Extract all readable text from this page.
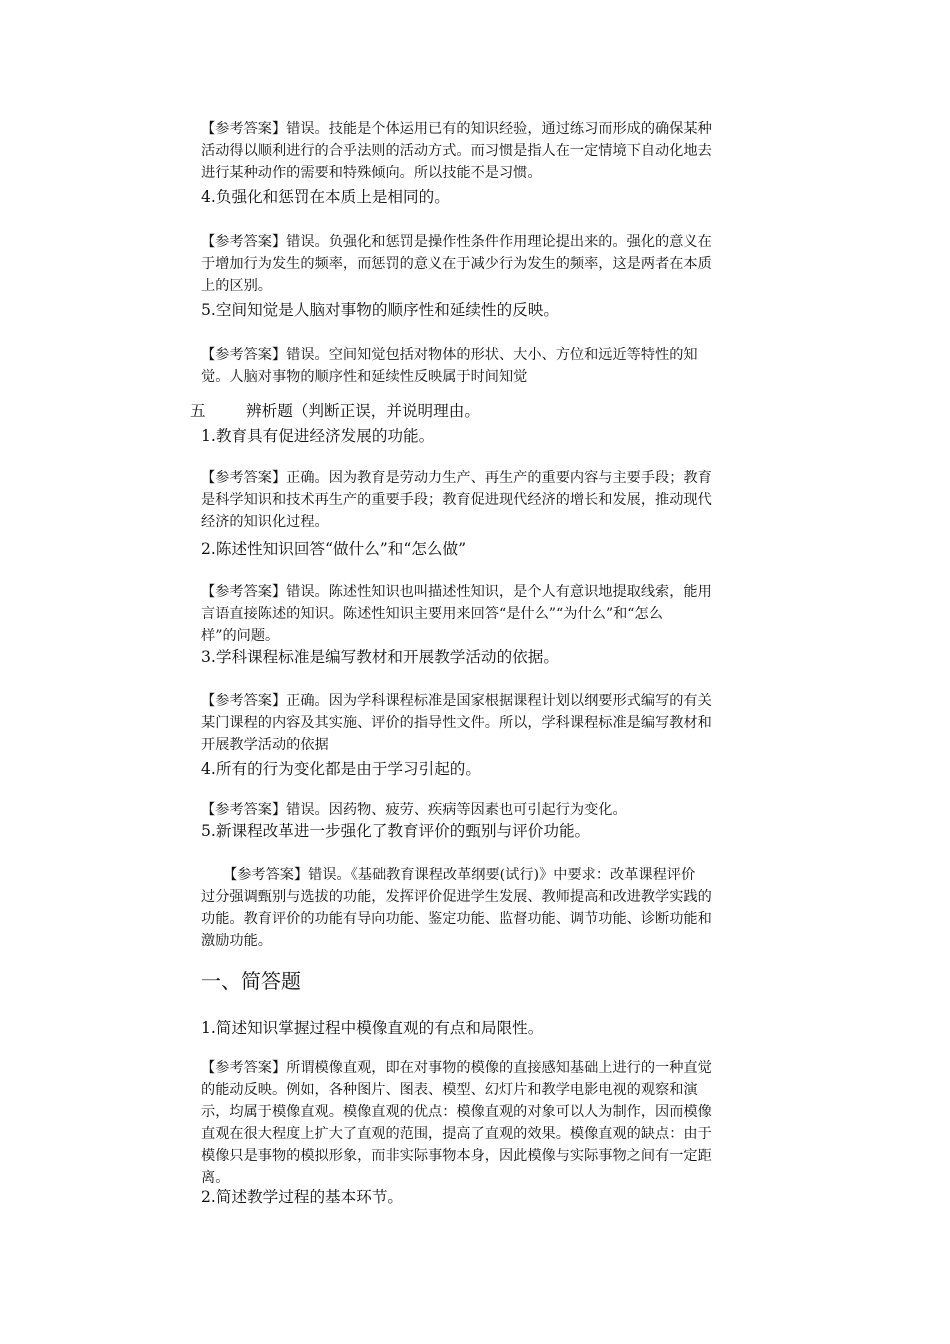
【参考答案】错误。技能是个体运用已有的知识经验，通过练习而形成的确保某种
活动得以顺利进行的合乎法则的活动方式。而习惯是指人在一定情境下自动化地去
进行某种动作的需要和特殊倾向。所以技能不是习惯。
4.负强化和惩罚在本质上是相同的。
【参考答案】错误。负强化和惩罚是操作性条件作用理论提出来的。强化的意义在
于增加行为发生的频率，而惩罚的意义在于减少行为发生的频率，这是两者在本质
上的区别。
5.空间知觉是人脑对事物的顺序性和延续性的反映。
【参考答案】错误。空间知觉包括对物体的形状、大小、方位和远近等特性的知
觉。人脑对事物的顺序性和延续性反映属于时间知觉
五	辨析题（判断正误，并说明理由。
1.教育具有促进经济发展的功能。
【参考答案】正确。因为教育是劳动力生产、再生产的重要内容与主要手段；教育
是科学知识和技术再生产的重要手段；教育促进现代经济的增长和发展，推动现代
经济的知识化过程。
2.陈述性知识回答“做什么”和“怎么做”
【参考答案】错误。陈述性知识也叫描述性知识，是个人有意识地提取线索，能用
言语直接陈述的知识。陈述性知识主要用来回答“是什么”“为什么”和“怎么
样”的问题。
3.学科课程标准是编写教材和开展教学活动的依据。
【参考答案】正确。因为学科课程标准是国家根据课程计划以纲要形式编写的有关
某门课程的内容及其实施、评价的指导性文件。所以，学科课程标准是编写教材和
开展教学活动的依据
4.所有的行为变化都是由于学习引起的。
【参考答案】错误。因药物、疲劳、疾病等因素也可引起行为变化。
5.新课程改革进一步强化了教育评价的甄别与评价功能。
【参考答案】错误。《基础教育课程改革纲要(试行)》中要求：改革课程评价
过分强调甄别与选拔的功能，发挥评价促进学生发展、教师提高和改进教学实践的
功能。教育评价的功能有导向功能、鉴定功能、监督功能、调节功能、诊断功能和
激励功能。
一、简答题
1.简述知识掌握过程中模像直观的有点和局限性。
【参考答案】所谓模像直观，即在对事物的模像的直接感知基础上进行的一种直觉
的能动反映。例如，各种图片、图表、模型、幻灯片和教学电影电视的观察和演
示，均属于模像直观。模像直观的优点：模像直观的对象可以人为制作，因而模像
直观在很大程度上扩大了直观的范围，提高了直观的效果。模像直观的缺点：由于
模像只是事物的模拟形象，而非实际事物本身，因此模像与实际事物之间有一定距
离。
2.简述教学过程的基本环节。
